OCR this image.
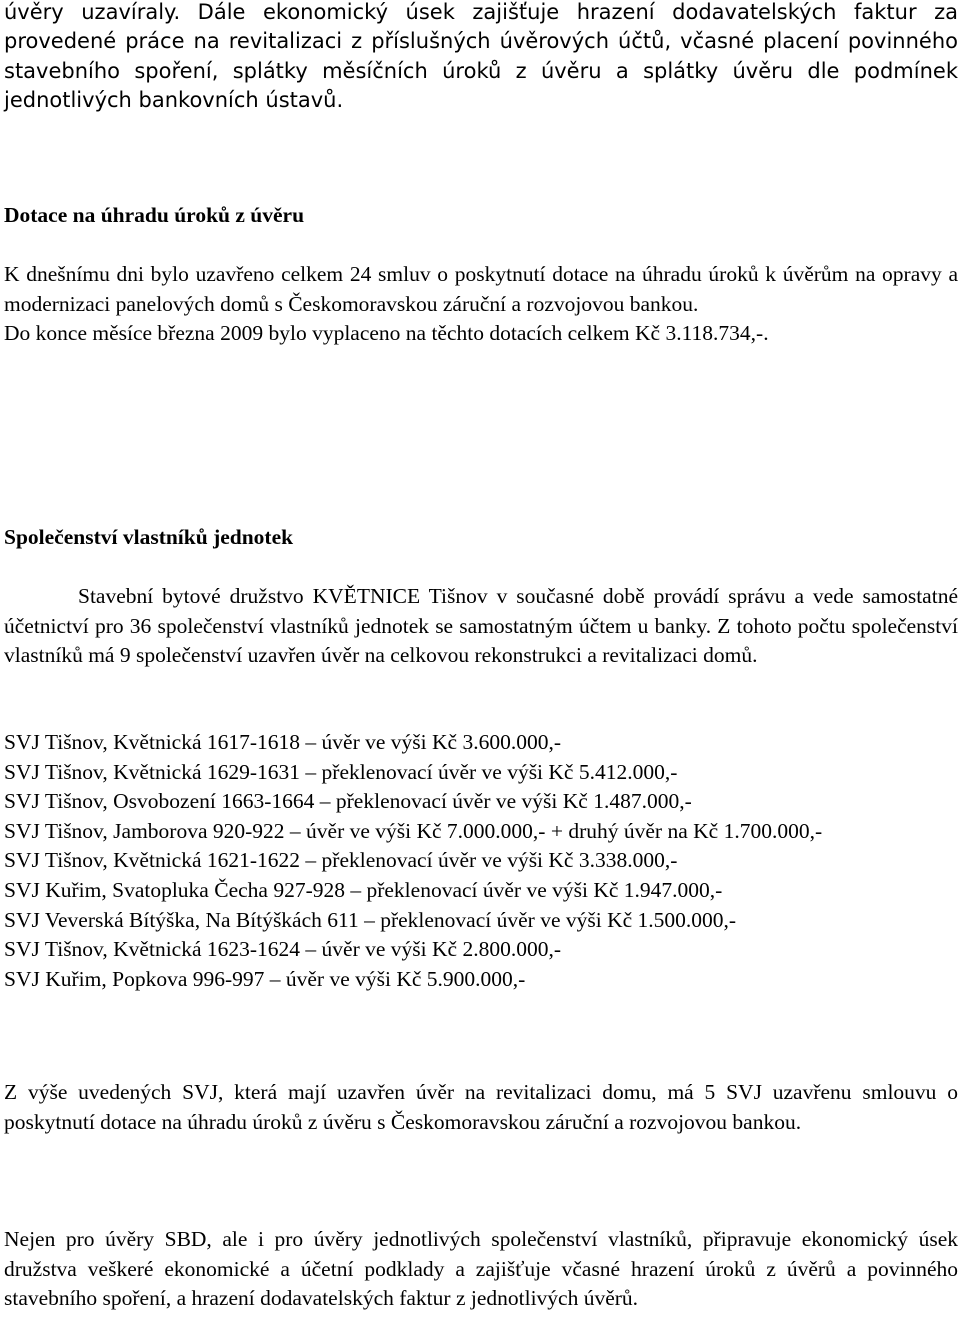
úvěry uzavíraly. Dále ekonomický úsek zajišťuje hrazení dodavatelských faktur za provedené práce na revitalizaci z příslušných úvěrových účtů, včasné placení povinného stavebního spoření, splátky měsíčních úroků z úvěru a splátky úvěru dle podmínek jednotlivých bankovních ústavů.

Dotace na úhradu úroků z úvěru

K dnešnímu dni bylo uzavřeno celkem 24 smluv o poskytnutí dotace na úhradu úroků k úvěrům na opravy a modernizaci panelových domů s Českomoravskou záruční a rozvojovou bankou.

Do konce měsíce března 2009 bylo vyplaceno na těchto dotacích celkem Kč 3.118.734,-.
Společenství vlastníků jednotek

Stavební bytové družstvo KVĚTNICE Tišnov v současné době provádí správu a vede samostatné účetnictví pro 36 společenství vlastníků jednotek se samostatným účtem u banky. Z tohoto počtu společenství vlastníků má 9 společenství uzavřen úvěr na celkovou rekonstrukci a revitalizaci domů.

SVJ Tišnov, Květnická 1617-1618 – úvěr ve výši Kč 3.600.000,-
SVJ Tišnov, Květnická 1629-1631 – překlenovací úvěr ve výši Kč 5.412.000,-
SVJ Tišnov, Osvobození 1663-1664 – překlenovací úvěr ve výši Kč 1.487.000,-
SVJ Tišnov, Jamborova 920-922 – úvěr ve výši Kč 7.000.000,- + druhý úvěr na Kč 1.700.000,-
SVJ Tišnov, Květnická 1621-1622 – překlenovací úvěr ve výši Kč 3.338.000,-
SVJ Kuřim, Svatopluka Čecha 927-928 – překlenovací úvěr ve výši Kč 1.947.000,-
SVJ Veverská Bítýška, Na Bítýškách 611 – překlenovací úvěr ve výši Kč 1.500.000,-
SVJ Tišnov, Květnická 1623-1624 – úvěr ve výši Kč 2.800.000,-
SVJ Kuřim, Popkova 996-997 – úvěr ve výši Kč 5.900.000,-

Z výše uvedených SVJ, která mají uzavřen úvěr na revitalizaci domu, má 5 SVJ uzavřenu smlouvu o poskytnutí dotace na úhradu úroků z úvěru s Českomoravskou záruční a rozvojovou bankou.

Nejen pro úvěry SBD, ale i pro úvěry jednotlivých společenství vlastníků, připravuje ekonomický úsek družstva veškeré ekonomické a účetní podklady a zajišťuje včasné hrazení úroků z úvěrů a povinného stavebního spoření, a hrazení dodavatelských faktur z jednotlivých úvěrů.
